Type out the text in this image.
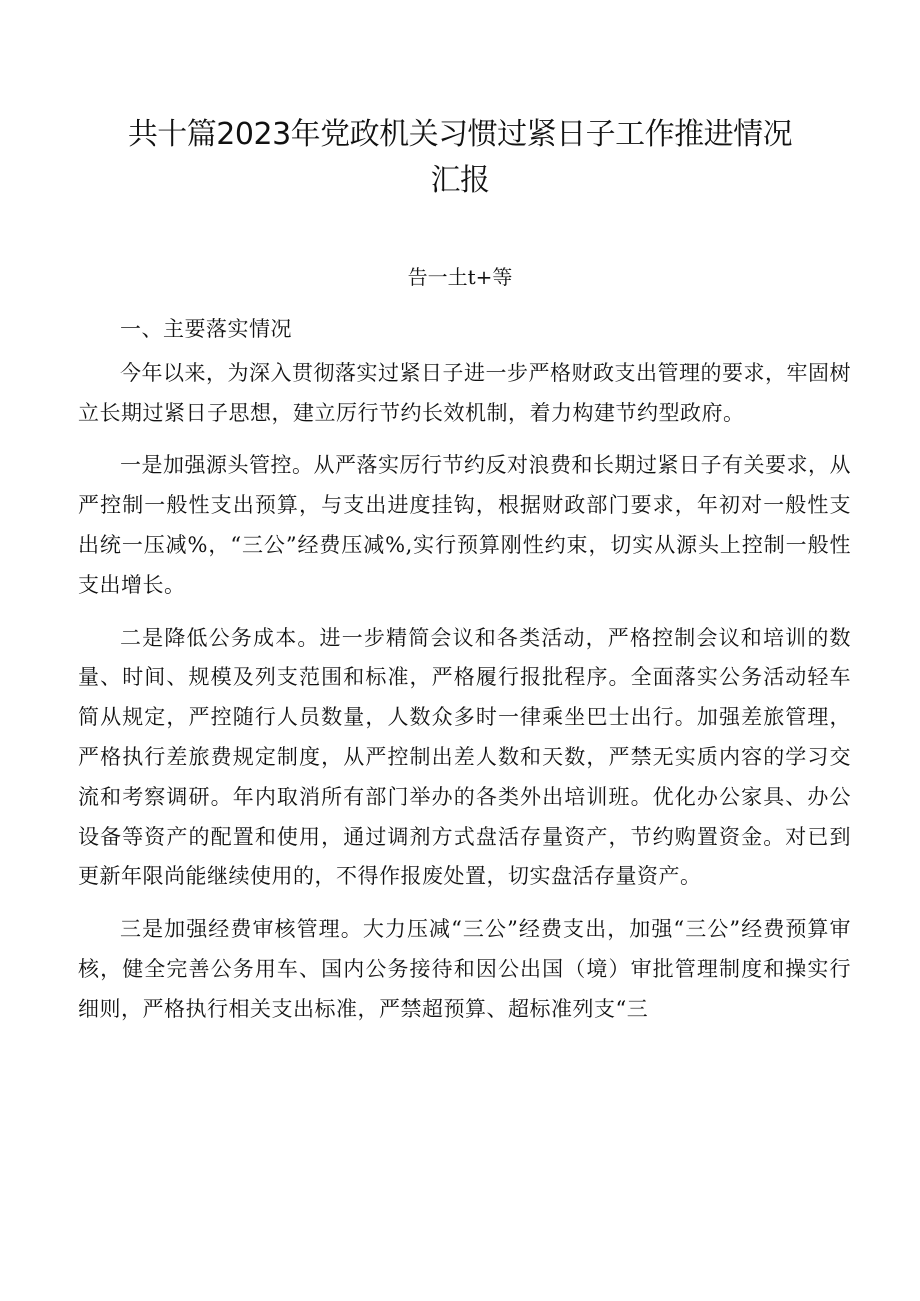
共十篇2023年党政机关习惯过紧日子工作推进情况
汇报
告一土t+等

一、主要落实情况

今年以来，为深入贯彻落实过紧日子进一步严格财政支出管理的要求，牢固树立长期过紧日子思想，建立厉行节约长效机制，着力构建节约型政府。

一是加强源头管控。从严落实厉行节约反对浪费和长期过紧日子有关要求，从严控制一般性支出预算，与支出进度挂钩，根据财政部门要求，年初对一般性支出统一压减%，“三公”经费压减%,实行预算刚性约束，切实从源头上控制一般性支出增长。

二是降低公务成本。进一步精简会议和各类活动，严格控制会议和培训的数量、时间、规模及列支范围和标准，严格履行报批程序。全面落实公务活动轻车简从规定，严控随行人员数量，人数众多时一律乘坐巴士出行。加强差旅管理，严格执行差旅费规定制度，从严控制出差人数和天数，严禁无实质内容的学习交流和考察调研。年内取消所有部门举办的各类外出培训班。优化办公家具、办公设备等资产的配置和使用，通过调剂方式盘活存量资产，节约购置资金。对已到更新年限尚能继续使用的，不得作报废处置，切实盘活存量资产。

三是加强经费审核管理。大力压减“三公”经费支出，加强“三公”经费预算审核，健全完善公务用车、国内公务接待和因公出国（境）审批管理制度和操实行细则，严格执行相关支出标准，严禁超预算、超标准列支“三
